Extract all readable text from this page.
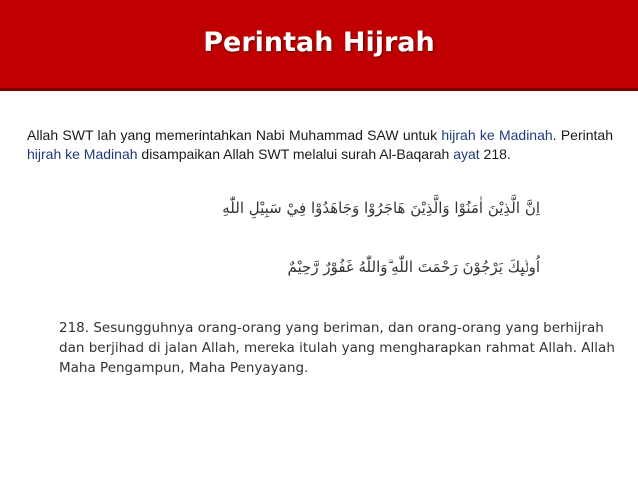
Perintah Hijrah
Allah SWT lah yang memerintahkan Nabi Muhammad SAW untuk hijrah ke Madinah. Perintah hijrah ke Madinah disampaikan Allah SWT melalui surah Al-Baqarah ayat 218.
اِنَّ الَّذِيْنَ اٰمَنُوْا وَالَّذِيْنَ هَاجَرُوْا وَجَاهَدُوْا فِيْ سَبِيْلِ اللّٰهِ
اُولٰۤىِٕكَ يَرْجُوْنَ رَحْمَتَ اللّٰهِ ۗوَاللّٰهُ غَفُوْرٌ رَّحِيْمٌ
218. Sesungguhnya orang-orang yang beriman, dan orang-orang yang berhijrah dan berjihad di jalan Allah, mereka itulah yang mengharapkan rahmat Allah. Allah Maha Pengampun, Maha Penyayang.
